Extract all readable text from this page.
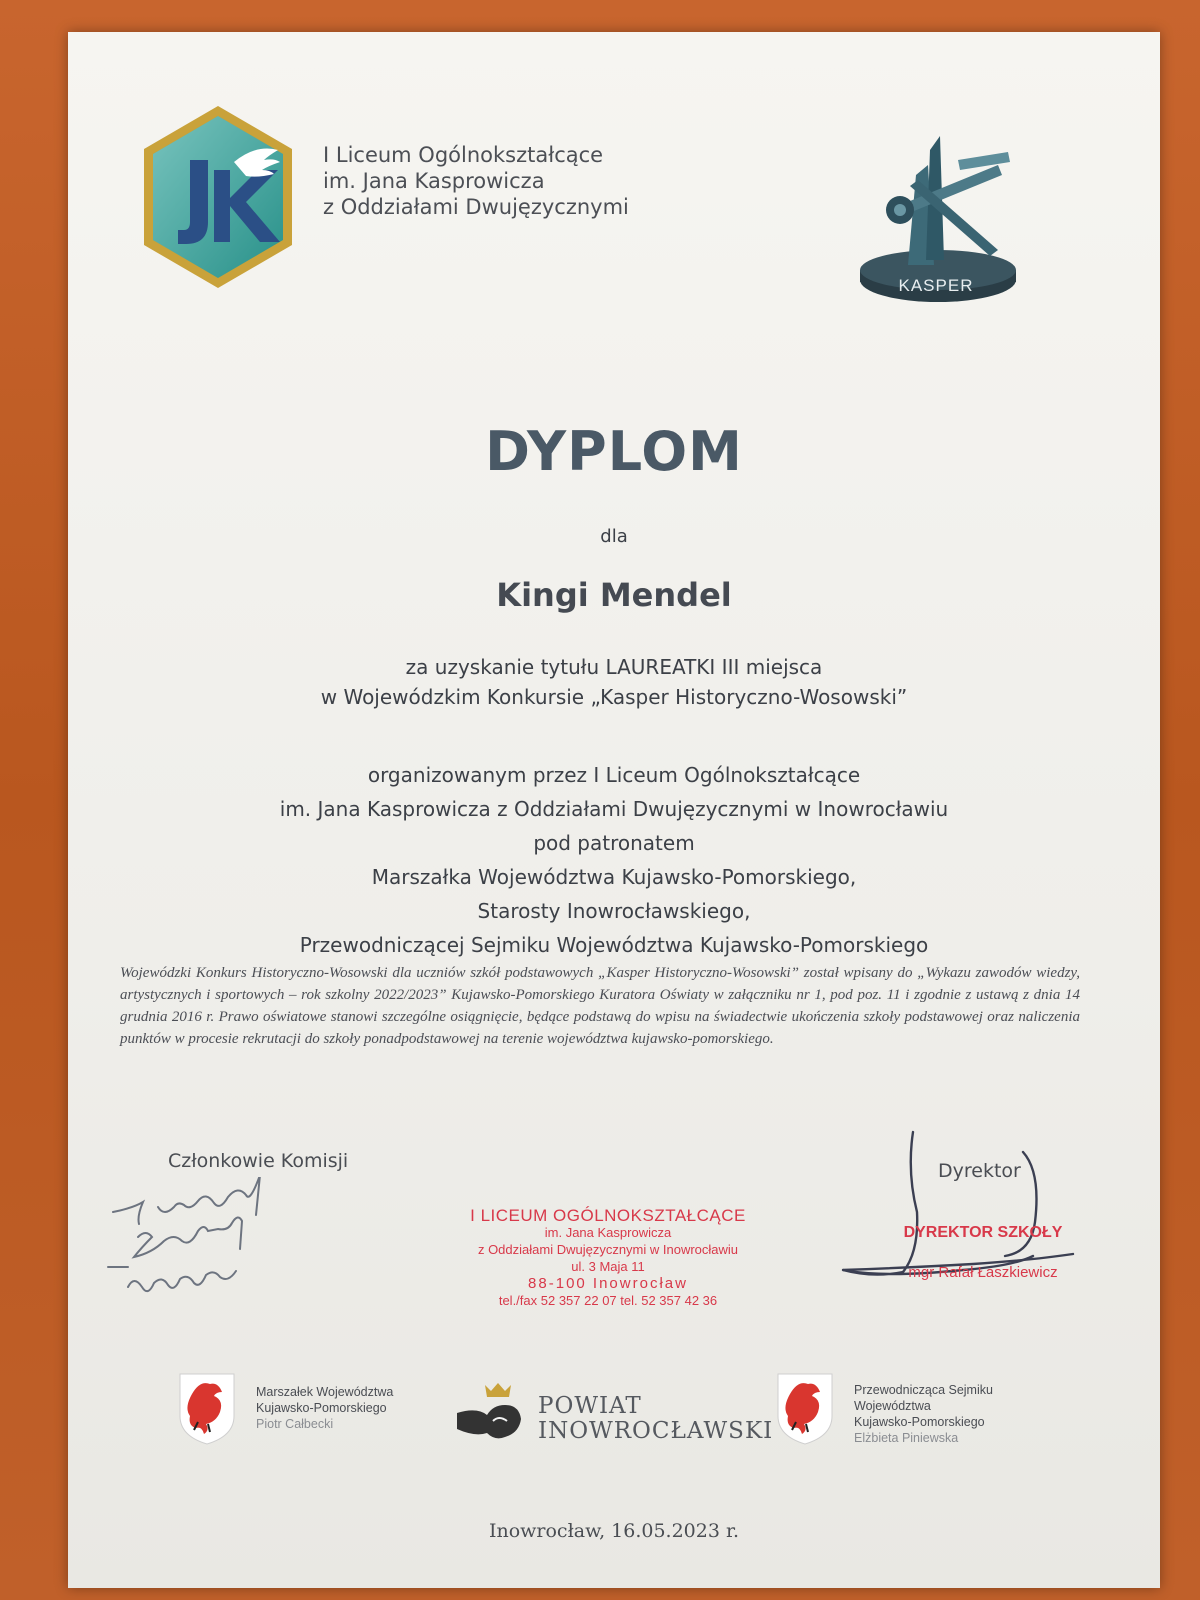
I Liceum Ogólnokształcące
im. Jana Kasprowicza
z Oddziałami Dwujęzycznymi
KASPER
DYPLOM
dla
Kingi Mendel
za uzyskanie tytułu LAUREATKI III miejsca
w Wojewódzkim Konkursie „Kasper Historyczno-Wosowski”
organizowanym przez I Liceum Ogólnokształcące
im. Jana Kasprowicza z Oddziałami Dwujęzycznymi w Inowrocławiu
pod patronatem
Marszałka Województwa Kujawsko-Pomorskiego,
Starosty Inowrocławskiego,
Przewodniczącej Sejmiku Województwa Kujawsko-Pomorskiego
Wojewódzki Konkurs Historyczno-Wosowski dla uczniów szkół podstawowych „Kasper Historyczno-Wosowski” został wpisany do „Wykazu zawodów wiedzy, artystycznych i sportowych – rok szkolny 2022/2023” Kujawsko-Pomorskiego Kuratora Oświaty w załączniku nr 1, pod poz. 11 i zgodnie z ustawą z dnia 14 grudnia 2016 r. Prawo oświatowe stanowi szczególne osiągnięcie, będące podstawą do wpisu na świadectwie ukończenia szkoły podstawowej oraz naliczenia punktów w procesie rekrutacji do szkoły ponadpodstawowej na terenie województwa kujawsko-pomorskiego.
Członkowie Komisji	Dyrektor
I LICEUM OGÓLNOKSZTAŁCĄCE
im. Jana Kasprowicza
z Oddziałami Dwujęzycznymi w Inowrocławiu
ul. 3 Maja 11
88-100 Inowrocław
tel./fax 52 357 22 07 tel. 52 357 42 36
DYREKTOR SZKOŁY
mgr Rafał Łaszkiewicz
Marszałek Województwa
Kujawsko-Pomorskiego
Piotr Całbecki
POWIAT
INOWROCŁAWSKI
Przewodnicząca Sejmiku
Województwa
Kujawsko-Pomorskiego
Elżbieta Piniewska
Inowrocław, 16.05.2023 r.
